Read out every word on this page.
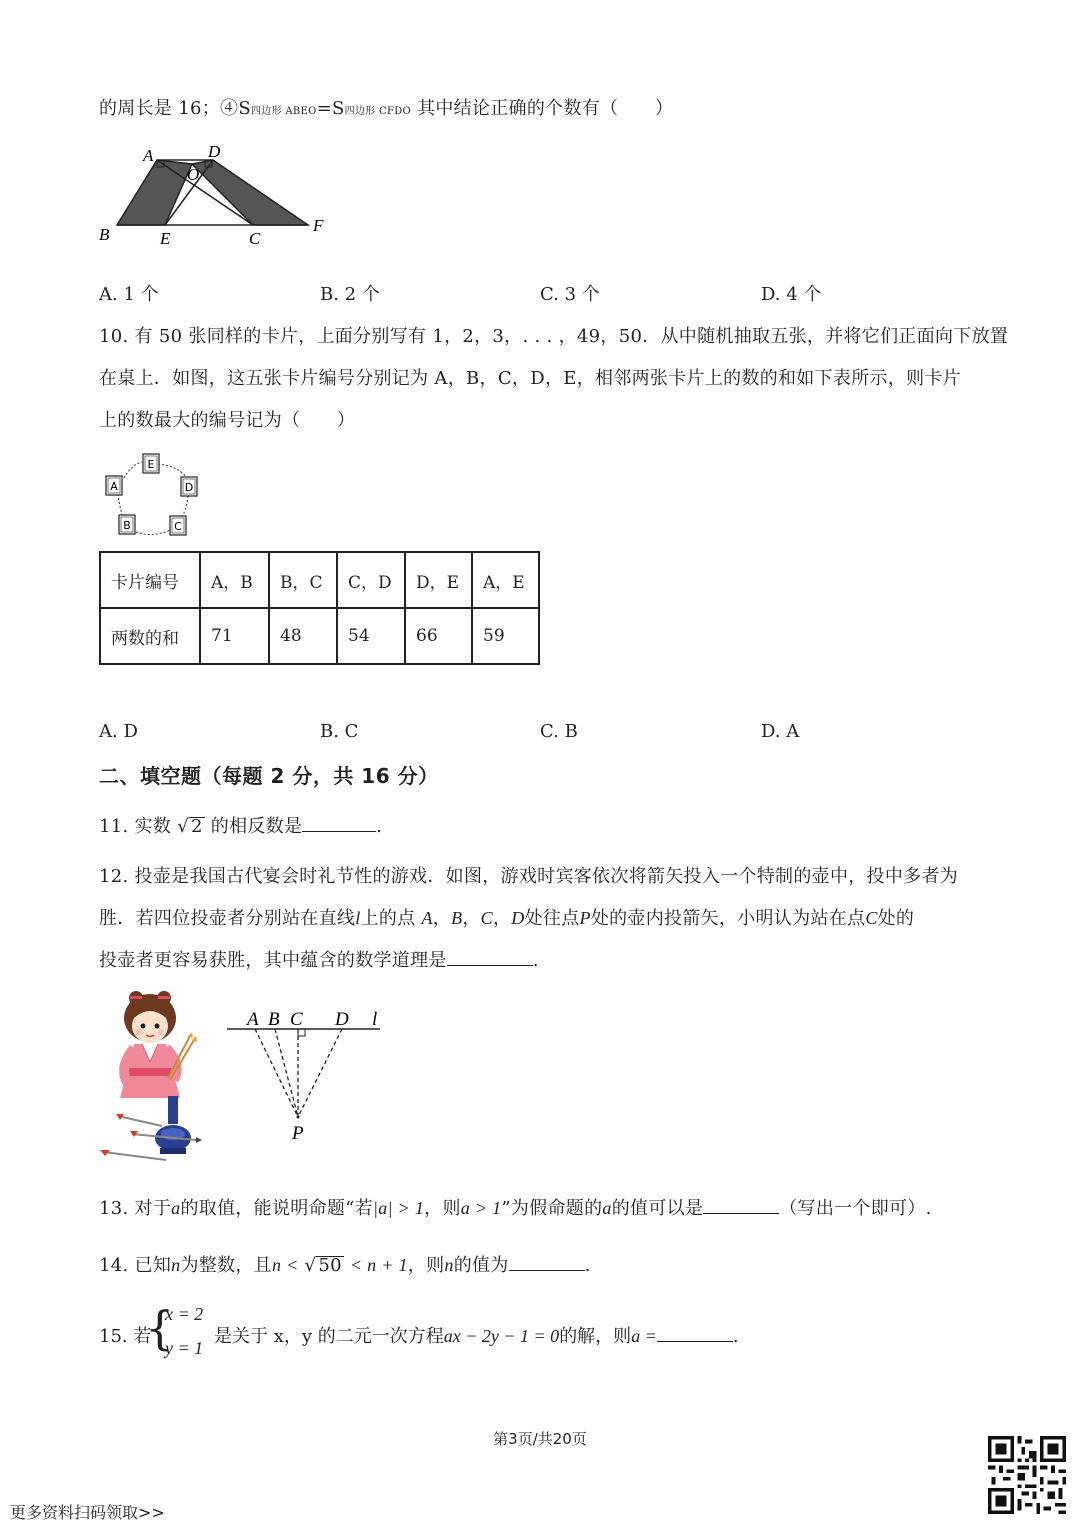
的周长是 16；④S四边形 ABEO=S四边形 CFDO 其中结论正确的个数有（　　）
A	D
O
B	E	C
F
A. 1 个	B. 2 个	C. 3 个	D. 4 个
10. 有 50 张同样的卡片，上面分别写有 1，2，3，. . . ，49，50．从中随机抽取五张，并将它们正面向下放置
在桌上．如图，这五张卡片编号分别记为 A，B，C，D，E，相邻两张卡片上的数的和如下表所示，则卡片
上的数最大的编号记为（　　）
E
A	D
B	C
卡片编号	A，B	B，C	C，D	D，E	A，E
两数的和	71	48	54	66	59
A. D	B. C	C. B	D. A
二、填空题（每题 2 分，共 16 分）
11. 实数 √ 2 的相反数是	.
12. 投壶是我国古代宴会时礼节性的游戏．如图，游戏时宾客依次将箭矢投入一个特制的壶中，投中多者为
胜．若四位投壶者分别站在直线l上的点 A，B，C，D处往点P处的壶内投箭矢，小明认为站在点C处的
投壶者更容易获胜，其中蕴含的数学道理是	.
A B C D l
P
13. 对于a的取值，能说明命题“若|a| > 1，则a > 1”为假命题的a的值可以是	（写出一个即可）.
14. 已知n为整数，且n < √ 50 < n + 1，则n的值为	.
15. 若
{
x = 2
y = 1
是关于 x，y 的二元一次方程ax − 2y − 1 = 0的解，则a =	.
第3页/共20页
更多资料扫码领取>>
